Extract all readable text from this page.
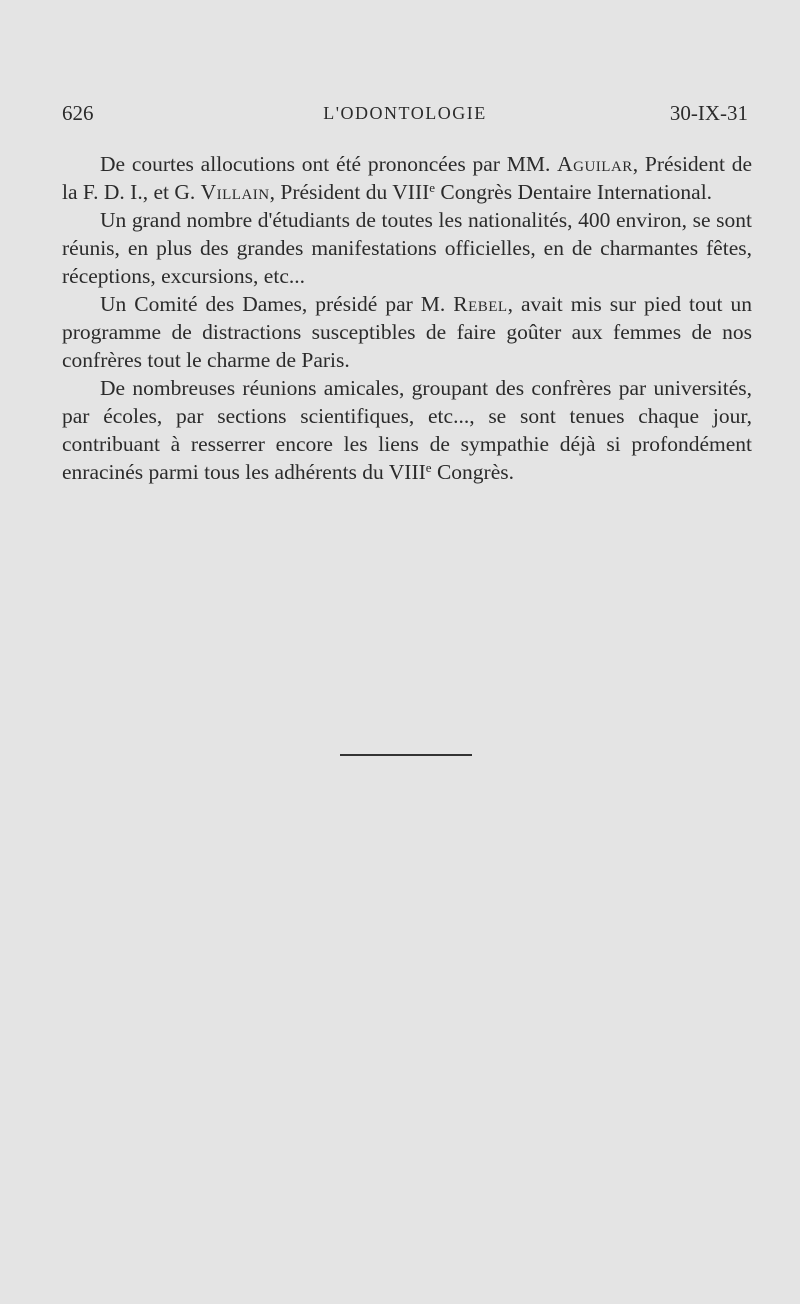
626	L'ODONTOLOGIE	30-IX-31

De courtes allocutions ont été prononcées par MM. Aguilar, Président de la F. D. I., et G. Villain, Président du VIIIe Congrès Dentaire International.

Un grand nombre d'étudiants de toutes les nationalités, 400 environ, se sont réunis, en plus des grandes manifestations officielles, en de charmantes fêtes, réceptions, excursions, etc...

Un Comité des Dames, présidé par M. Rebel, avait mis sur pied tout un programme de distractions susceptibles de faire goûter aux femmes de nos confrères tout le charme de Paris.

De nombreuses réunions amicales, groupant des confrères par universités, par écoles, par sections scientifiques, etc..., se sont tenues chaque jour, contribuant à resserrer encore les liens de sympathie déjà si profondément enracinés parmi tous les adhérents du VIIIe Congrès.
